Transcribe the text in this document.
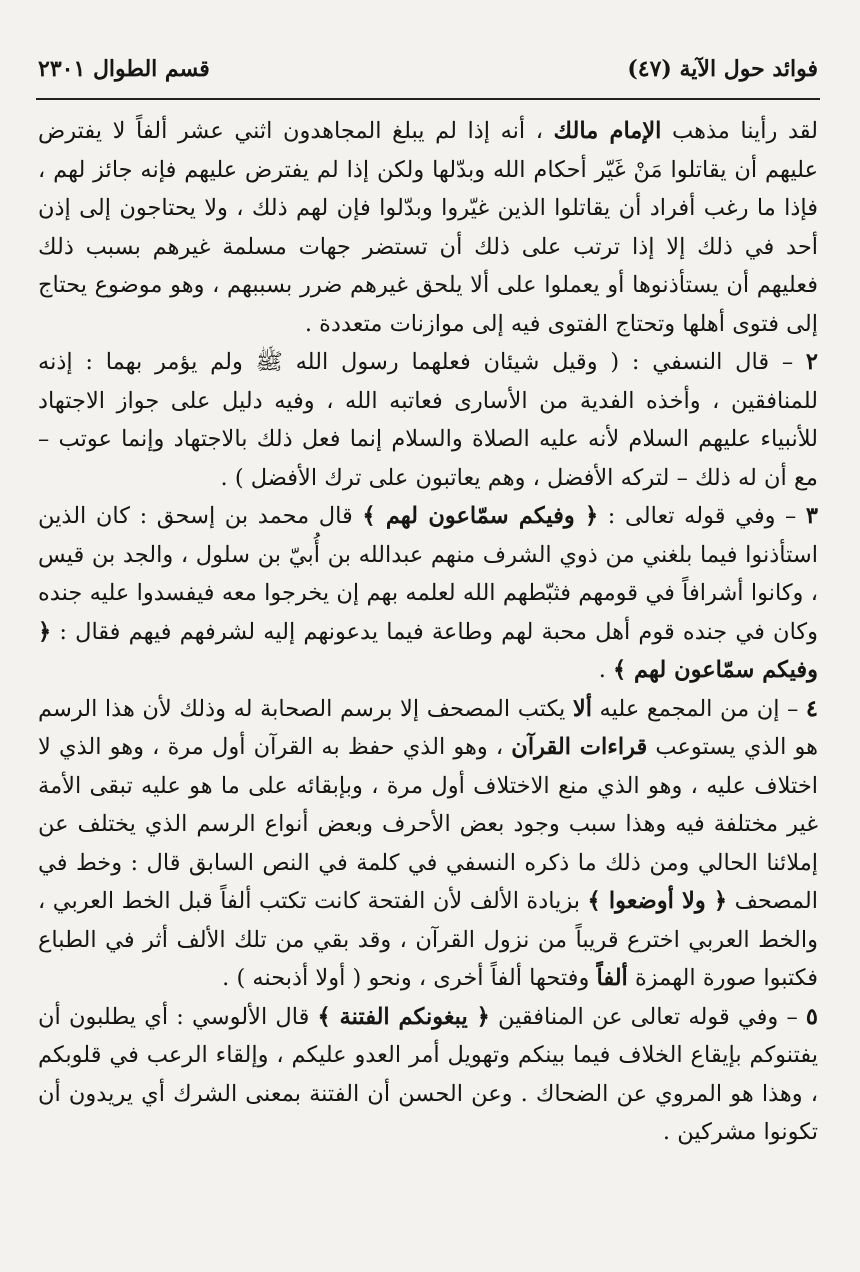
فوائد حول الآية (٤٧)
قسم الطوال ٢٣٠١

لقد رأينا مذهب الإمام مالك ، أنه إذا لم يبلغ المجاهدون اثني عشر ألفاً لا يفترض عليهم أن يقاتلوا مَنْ غَيّر أحكام الله وبدّلها ولكن إذا لم يفترض عليهم فإنه جائز لهم ، فإذا ما رغب أفراد أن يقاتلوا الذين غيّروا وبدّلوا فإن لهم ذلك ، ولا يحتاجون إلى إذن أحد في ذلك إلا إذا ترتب على ذلك أن تستضر جهات مسلمة غيرهم بسبب ذلك فعليهم أن يستأذنوها أو يعملوا على ألا يلحق غيرهم ضرر بسببهم ، وهو موضوع يحتاج إلى فتوى أهلها وتحتاج الفتوى فيه إلى موازنات متعددة .

٢ – قال النسفي : ( وقيل شيئان فعلهما رسول الله ﷺ ولم يؤمر بهما : إذنه للمنافقين ، وأخذه الفدية من الأسارى فعاتبه الله ، وفيه دليل على جواز الاجتهاد للأنبياء عليهم السلام لأنه عليه الصلاة والسلام إنما فعل ذلك بالاجتهاد وإنما عوتب – مع أن له ذلك – لتركه الأفضل ، وهم يعاتبون على ترك الأفضل ) .

٣ – وفي قوله تعالى : ﴿ وفيكم سمّاعون لهم ﴾ قال محمد بن إسحق : كان الذين استأذنوا فيما بلغني من ذوي الشرف منهم عبدالله بن أُبيّ بن سلول ، والجد بن قيس ، وكانوا أشرافاً في قومهم فثبّطهم الله لعلمه بهم إن يخرجوا معه فيفسدوا عليه جنده وكان في جنده قوم أهل محبة لهم وطاعة فيما يدعونهم إليه لشرفهم فيهم فقال : ﴿ وفيكم سمّاعون لهم ﴾ .

٤ – إن من المجمع عليه ألا يكتب المصحف إلا برسم الصحابة له وذلك لأن هذا الرسم هو الذي يستوعب قراءات القرآن ، وهو الذي حفظ به القرآن أول مرة ، وهو الذي لا اختلاف عليه ، وهو الذي منع الاختلاف أول مرة ، وبإبقائه على ما هو عليه تبقى الأمة غير مختلفة فيه وهذا سبب وجود بعض الأحرف وبعض أنواع الرسم الذي يختلف عن إملائنا الحالي ومن ذلك ما ذكره النسفي في كلمة في النص السابق قال : وخط في المصحف ﴿ ولا أوضعوا ﴾ بزيادة الألف لأن الفتحة كانت تكتب ألفاً قبل الخط العربي ، والخط العربي اخترع قريباً من نزول القرآن ، وقد بقي من تلك الألف أثر في الطباع فكتبوا صورة الهمزة ألفاً وفتحها ألفاً أخرى ، ونحو ( أولا أذبحنه ) .

٥ – وفي قوله تعالى عن المنافقين ﴿ يبغونكم الفتنة ﴾ قال الألوسي : أي يطلبون أن يفتنوكم بإيقاع الخلاف فيما بينكم وتهويل أمر العدو عليكم ، وإلقاء الرعب في قلوبكم ، وهذا هو المروي عن الضحاك . وعن الحسن أن الفتنة بمعنى الشرك أي يريدون أن تكونوا مشركين .
